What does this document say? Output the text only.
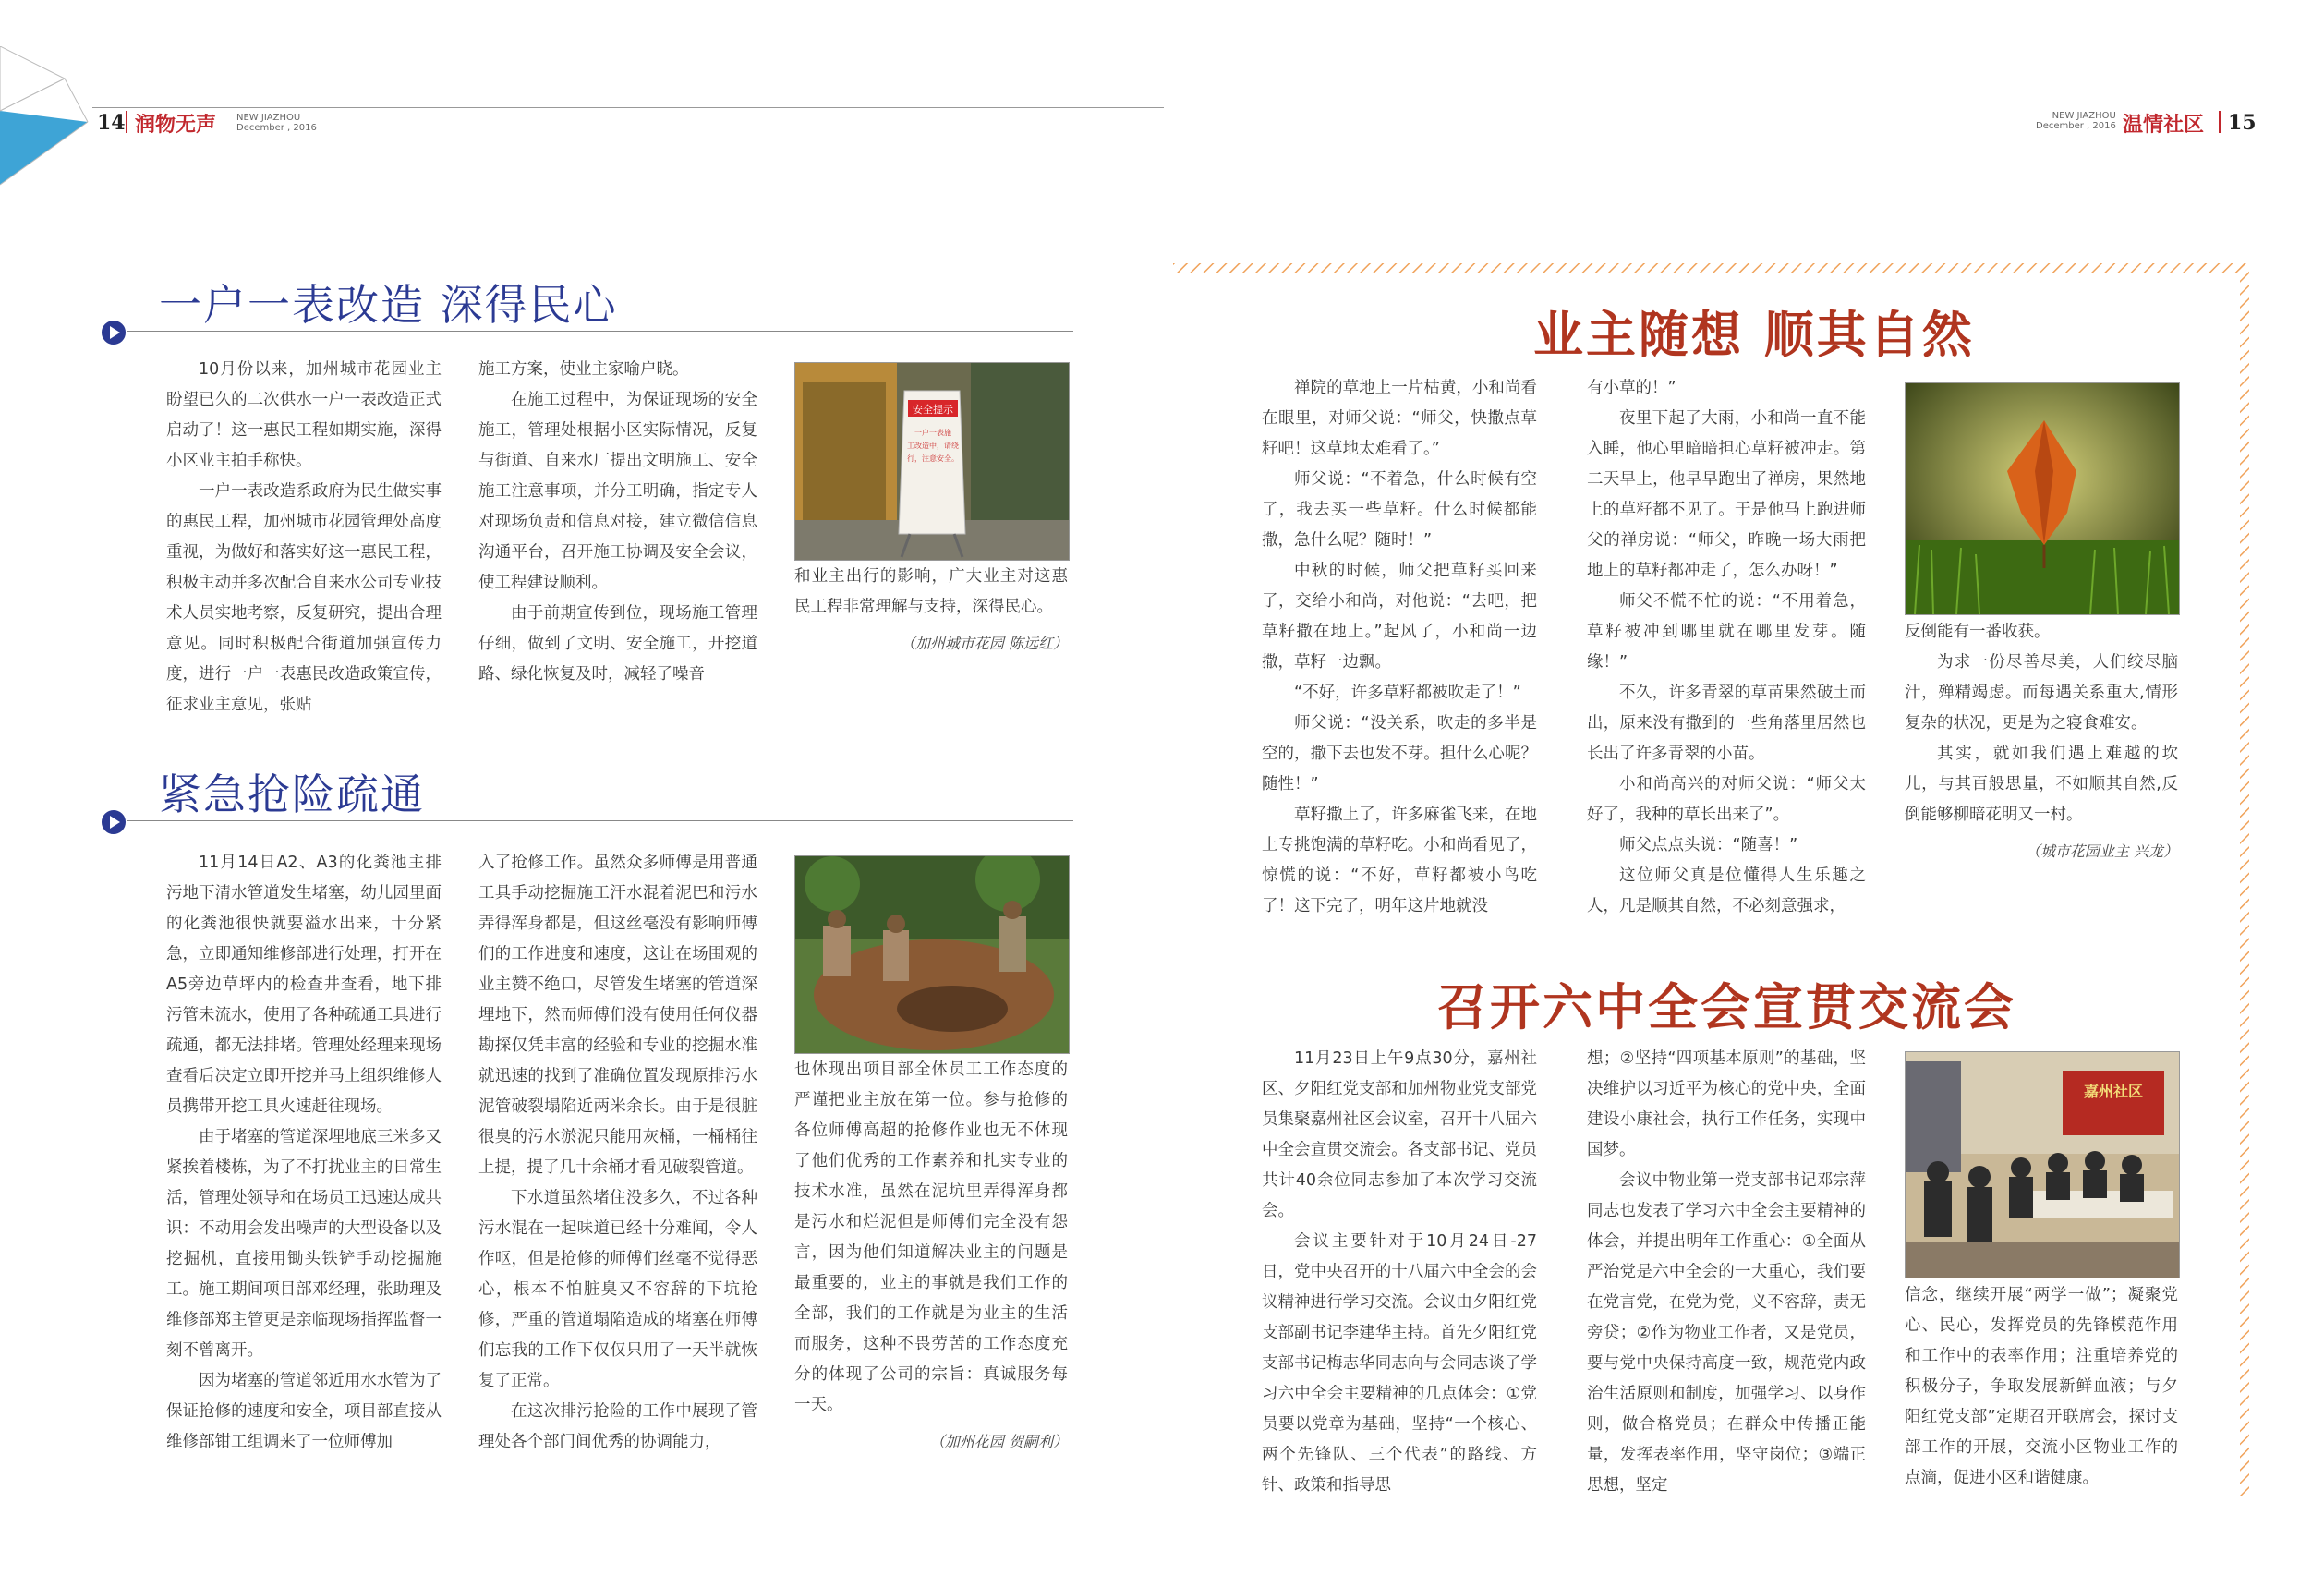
14 润物无声 NEW JIAZHOU
December , 2016
NEW JIAZHOU
December , 2016 温情社区 15
一户一表改造 深得民心

10月份以来，加州城市花园业主盼望已久的二次供水一户一表改造正式启动了！这一惠民工程如期实施，深得小区业主拍手称快。

一户一表改造系政府为民生做实事的惠民工程，加州城市花园管理处高度重视，为做好和落实好这一惠民工程，积极主动并多次配合自来水公司专业技术人员实地考察，反复研究，提出合理意见。同时积极配合街道加强宣传力度，进行一户一表惠民改造政策宣传，征求业主意见，张贴

施工方案，使业主家喻户晓。

在施工过程中，为保证现场的安全施工，管理处根据小区实际情况，反复与街道、自来水厂提出文明施工、安全施工注意事项，并分工明确，指定专人对现场负责和信息对接，建立微信信息沟通平台，召开施工协调及安全会议，使工程建设顺利。

由于前期宣传到位，现场施工管理仔细，做到了文明、安全施工，开挖道路、绿化恢复及时，减轻了噪音

安全提示
一户一表施
工改造中，请绕
行，注意安全。

和业主出行的影响，广大业主对这惠民工程非常理解与支持，深得民心。

（加州城市花园 陈远红）
紧急抢险疏通

11月14日A2、A3的化粪池主排污地下清水管道发生堵塞，幼儿园里面的化粪池很快就要溢水出来，十分紧急，立即通知维修部进行处理，打开在A5旁边草坪内的检查井查看，地下排污管未流水，使用了各种疏通工具进行疏通，都无法排堵。管理处经理来现场查看后决定立即开挖并马上组织维修人员携带开挖工具火速赶往现场。

由于堵塞的管道深埋地底三米多又紧挨着楼栋，为了不打扰业主的日常生活，管理处领导和在场员工迅速达成共识：不动用会发出噪声的大型设备以及挖掘机，直接用锄头铁铲手动挖掘施工。施工期间项目部邓经理，张助理及维修部郑主管更是亲临现场指挥监督一刻不曾离开。

因为堵塞的管道邻近用水水管为了保证抢修的速度和安全，项目部直接从维修部钳工组调来了一位师傅加

入了抢修工作。虽然众多师傅是用普通工具手动挖掘施工汗水混着泥巴和污水弄得浑身都是，但这丝毫没有影响师傅们的工作进度和速度，这让在场围观的业主赞不绝口，尽管发生堵塞的管道深埋地下，然而师傅们没有使用任何仪器勘探仅凭丰富的经验和专业的挖掘水准就迅速的找到了准确位置发现原排污水泥管破裂塌陷近两米余长。由于是很脏很臭的污水淤泥只能用灰桶，一桶桶往上提，提了几十余桶才看见破裂管道。

下水道虽然堵住没多久，不过各种污水混在一起味道已经十分难闻，令人作呕，但是抢修的师傅们丝毫不觉得恶心，根本不怕脏臭又不容辞的下坑抢修，严重的管道塌陷造成的堵塞在师傅们忘我的工作下仅仅只用了一天半就恢复了正常。

在这次排污抢险的工作中展现了管理处各个部门间优秀的协调能力，

也体现出项目部全体员工工作态度的严谨把业主放在第一位。参与抢修的各位师傅高超的抢修作业也无不体现了他们优秀的工作素养和扎实专业的技术水准，虽然在泥坑里弄得浑身都是污水和烂泥但是师傅们完全没有怨言，因为他们知道解决业主的问题是最重要的，业主的事就是我们工作的全部，我们的工作就是为业主的生活而服务，这种不畏劳苦的工作态度充分的体现了公司的宗旨：真诚服务每一天。

（加州花园 贺嗣利）
业主随想 顺其自然

禅院的草地上一片枯黄，小和尚看在眼里，对师父说：“师父，快撒点草籽吧！这草地太难看了。”

师父说：“不着急，什么时候有空了，我去买一些草籽。什么时候都能撒，急什么呢？随时！”

中秋的时候，师父把草籽买回来了，交给小和尚，对他说：“去吧，把草籽撒在地上。”起风了，小和尚一边撒，草籽一边飘。

“不好，许多草籽都被吹走了！”

师父说：“没关系，吹走的多半是空的，撒下去也发不芽。担什么心呢？随性！”

草籽撒上了，许多麻雀飞来，在地上专挑饱满的草籽吃。小和尚看见了，惊慌的说：“不好，草籽都被小鸟吃了！这下完了，明年这片地就没

有小草的！”

夜里下起了大雨，小和尚一直不能入睡，他心里暗暗担心草籽被冲走。第二天早上，他早早跑出了禅房，果然地上的草籽都不见了。于是他马上跑进师父的禅房说：“师父，昨晚一场大雨把地上的草籽都冲走了，怎么办呀！”

师父不慌不忙的说：“不用着急，草籽被冲到哪里就在哪里发芽。随缘！”

不久，许多青翠的草苗果然破土而出，原来没有撒到的一些角落里居然也长出了许多青翠的小苗。

小和尚高兴的对师父说：“师父太好了，我种的草长出来了”。

师父点点头说：“随喜！”

这位师父真是位懂得人生乐趣之人，凡是顺其自然，不必刻意强求，

反倒能有一番收获。

为求一份尽善尽美，人们绞尽脑汁，殚精竭虑。而每遇关系重大,情形复杂的状况，更是为之寝食难安。

其实，就如我们遇上难越的坎儿，与其百般思量，不如顺其自然,反倒能够柳暗花明又一村。

（城市花园业主 兴龙）
召开六中全会宣贯交流会

11月23日上午9点30分，嘉州社区、夕阳红党支部和加州物业党支部党员集聚嘉州社区会议室，召开十八届六中全会宣贯交流会。各支部书记、党员共计40余位同志参加了本次学习交流会。

会议主要针对于10月24日-27日，党中央召开的十八届六中全会的会议精神进行学习交流。会议由夕阳红党支部副书记李建华主持。首先夕阳红党支部书记梅志华同志向与会同志谈了学习六中全会主要精神的几点体会：①党员要以党章为基础，坚持“一个核心、两个先锋队、三个代表”的路线、方针、政策和指导思

想；②坚持“四项基本原则”的基础，坚决维护以习近平为核心的党中央，全面建设小康社会，执行工作任务，实现中国梦。

会议中物业第一党支部书记邓宗萍同志也发表了学习六中全会主要精神的体会，并提出明年工作重心：①全面从严治党是六中全会的一大重心，我们要在党言党，在党为党，义不容辞，责无旁贷；②作为物业工作者，又是党员，要与党中央保持高度一致，规范党内政治生活原则和制度，加强学习、以身作则，做合格党员；在群众中传播正能量，发挥表率作用，坚守岗位；③端正思想，坚定

嘉州社区

信念，继续开展“两学一做”；凝聚党心、民心，发挥党员的先锋模范作用和工作中的表率作用；注重培养党的积极分子，争取发展新鲜血液；与夕阳红党支部”定期召开联席会，探讨支部工作的开展，交流小区物业工作的点滴，促进小区和谐健康。
